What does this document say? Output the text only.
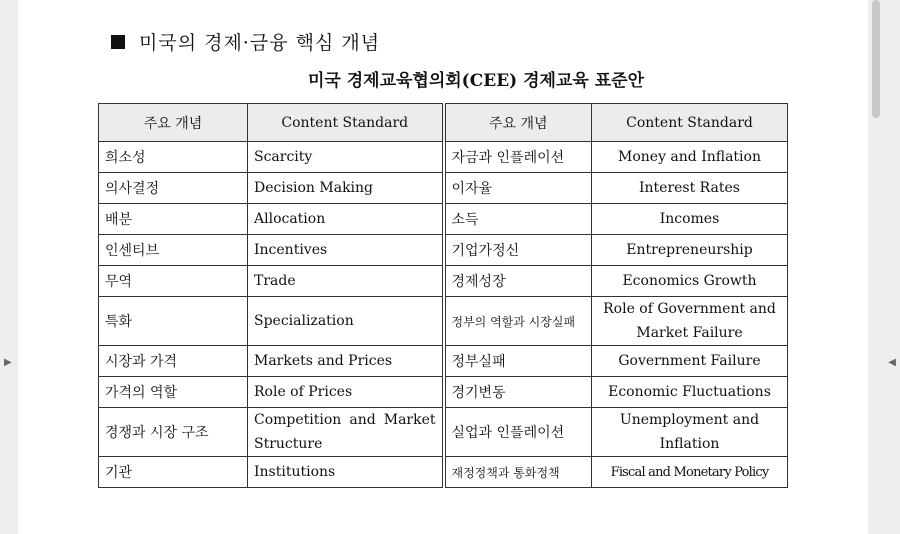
미국의 경제·금융 핵심 개념
미국 경제교육협의회(CEE) 경제교육 표준안
주요 개념	Content Standard	주요 개념	Content Standard
희소성	Scarcity	자금과 인플레이션	Money and Inflation
의사결정	Decision Making	이자율	Interest Rates
배분	Allocation	소득	Incomes
인센티브	Incentives	기업가정신	Entrepreneurship
무역	Trade	경제성장	Economics Growth
특화	Specialization	정부의 역할과 시장실패	Role of Government and Market Failure
시장과 가격	Markets and Prices	정부실패	Government Failure
가격의 역할	Role of Prices	경기변동	Economic Fluctuations
경쟁과 시장 구조	Competition and Market Structure	실업과 인플레이션	Unemployment and Inflation
기관	Institutions	재정정책과 통화정책	Fiscal and Monetary Policy
▶	◀
